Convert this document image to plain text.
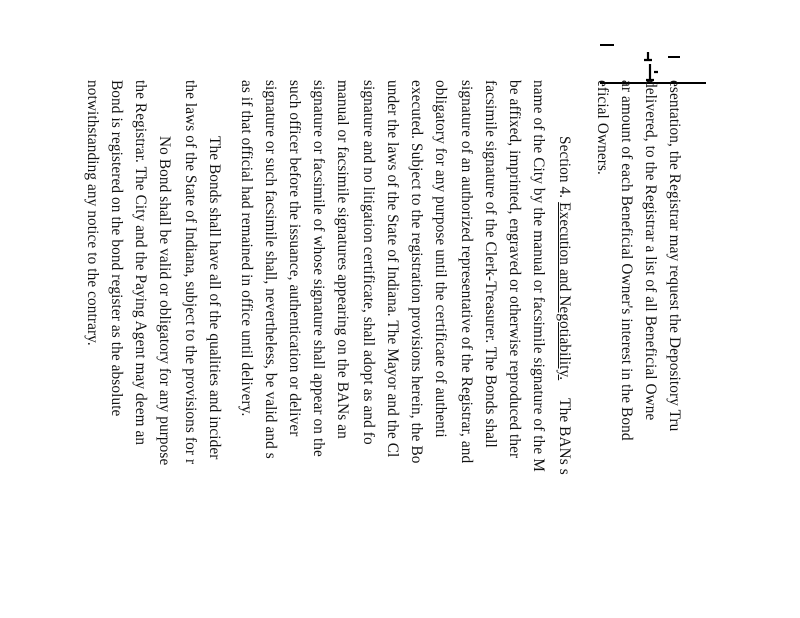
esentation, the Registrar may request the Depository Tru
delivered, to the Registrar a list of all Beneficial Owne
ar amount of each Beneficial Owner's interest in the Bond
eficial Owners.
Section 4. Execution and Negotiability. The BANs s
name of the City by the manual or facsimile signature of the M
be affixed, imprinted, engraved or otherwise reproduced ther
facsimile signature of the Clerk-Treasurer. The Bonds shall
signature of an authorized representative of the Registrar, and
obligatory for any purpose until the certificate of authenti
executed. Subject to the registration provisions herein, the Bo
under the laws of the State of Indiana. The Mayor and the Cl
signature and no litigation certificate, shall adopt as and fo
manual or facsimile signatures appearing on the BANs an
signature or facsimile of whose signature shall appear on the
such officer before the issuance, authentication or deliver
signature or such facsimile shall, nevertheless, be valid and s
as if that official had remained in office until delivery.
The Bonds shall have all of the qualities and incider
the laws of the State of Indiana, subject to the provisions for r
No Bond shall be valid or obligatory for any purpose
the Registrar. The City and the Paying Agent may deem an
Bond is registered on the bond register as the absolute
notwithstanding any notice to the contrary.
